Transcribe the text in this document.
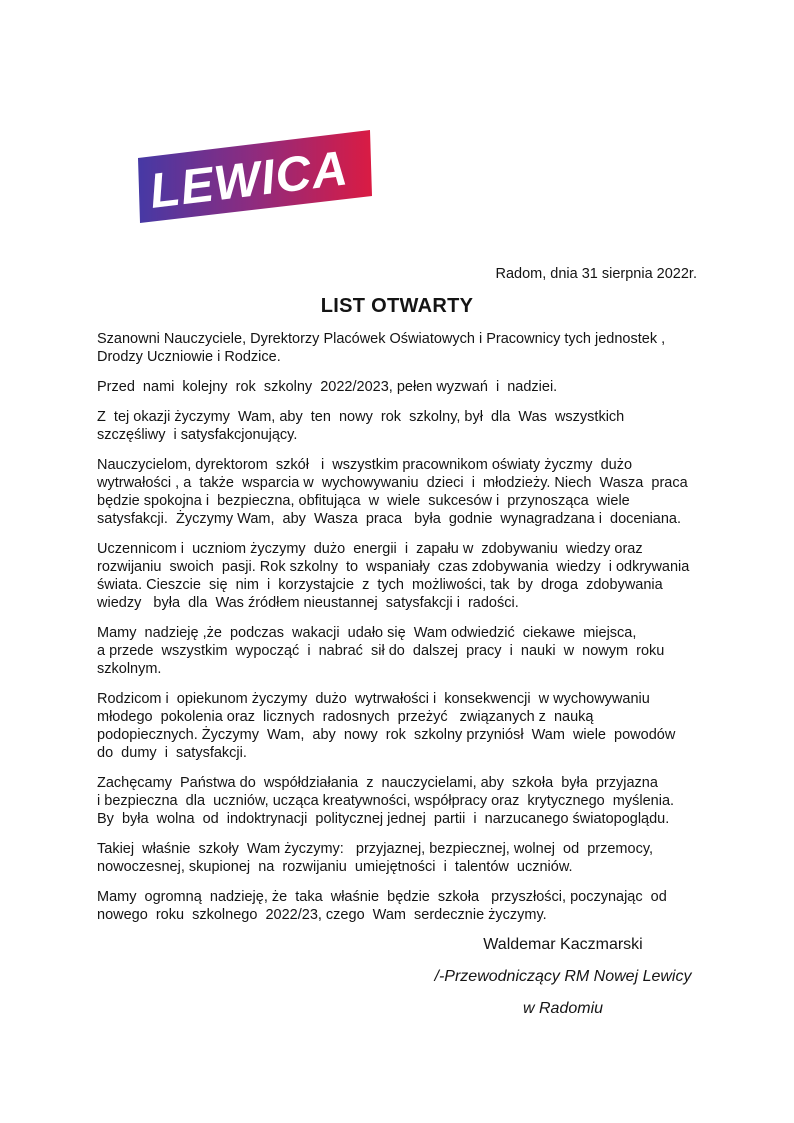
LEWICA
Radom, dnia 31 sierpnia 2022r.
LIST OTWARTY
Szanowni Nauczyciele, Dyrektorzy Placówek Oświatowych i Pracownicy tych jednostek ,
Drodzy Uczniowie i Rodzice.
Przed  nami  kolejny  rok  szkolny  2022/2023, pełen wyzwań  i  nadziei.
Z  tej okazji życzymy  Wam, aby  ten  nowy  rok  szkolny, był  dla  Was  wszystkich
szczęśliwy  i satysfakcjonujący.
Nauczycielom, dyrektorom  szkół   i  wszystkim pracownikom oświaty życzmy  dużo
wytrwałości , a  także  wsparcia w  wychowywaniu  dzieci  i  młodzieży. Niech  Wasza  praca
będzie spokojna i  bezpieczna, obfitująca  w  wiele  sukcesów i  przynosząca  wiele
satysfakcji.  Życzymy Wam,  aby  Wasza  praca   była  godnie  wynagradzana i  doceniana.
Uczennicom i  uczniom życzymy  dużo  energii  i  zapału w  zdobywaniu  wiedzy oraz
rozwijaniu  swoich  pasji. Rok szkolny  to  wspaniały  czas zdobywania  wiedzy  i odkrywania
świata. Cieszcie  się  nim  i  korzystajcie  z  tych  możliwości, tak  by  droga  zdobywania
wiedzy   była  dla  Was źródłem nieustannej  satysfakcji i  radości.
Mamy  nadzieję ,że  podczas  wakacji  udało się  Wam odwiedzić  ciekawe  miejsca,
a przede  wszystkim  wypocząć  i  nabrać  sił do  dalszej  pracy  i  nauki  w  nowym  roku
szkolnym.
Rodzicom i  opiekunom życzymy  dużo  wytrwałości i  konsekwencji  w wychowywaniu
młodego  pokolenia oraz  licznych  radosnych  przeżyć   związanych z  nauką
podopiecznych. Życzymy  Wam,  aby  nowy  rok  szkolny przyniósł  Wam  wiele  powodów
do  dumy  i  satysfakcji.
Zachęcamy  Państwa do  współdziałania  z  nauczycielami, aby  szkoła  była  przyjazna
i bezpieczna  dla  uczniów, ucząca kreatywności, współpracy oraz  krytycznego  myślenia.
By  była  wolna  od  indoktrynacji  politycznej jednej  partii  i  narzucanego światopoglądu.
Takiej  właśnie  szkoły  Wam życzymy:   przyjaznej, bezpiecznej, wolnej  od  przemocy,
nowoczesnej, skupionej  na  rozwijaniu  umiejętności  i  talentów  uczniów.
Mamy  ogromną  nadzieję, że  taka  właśnie  będzie  szkoła   przyszłości, poczynając  od
nowego  roku  szkolnego  2022/23, czego  Wam  serdecznie życzymy.
Waldemar Kaczmarski
/-Przewodniczący RM Nowej Lewicy
w Radomiu
